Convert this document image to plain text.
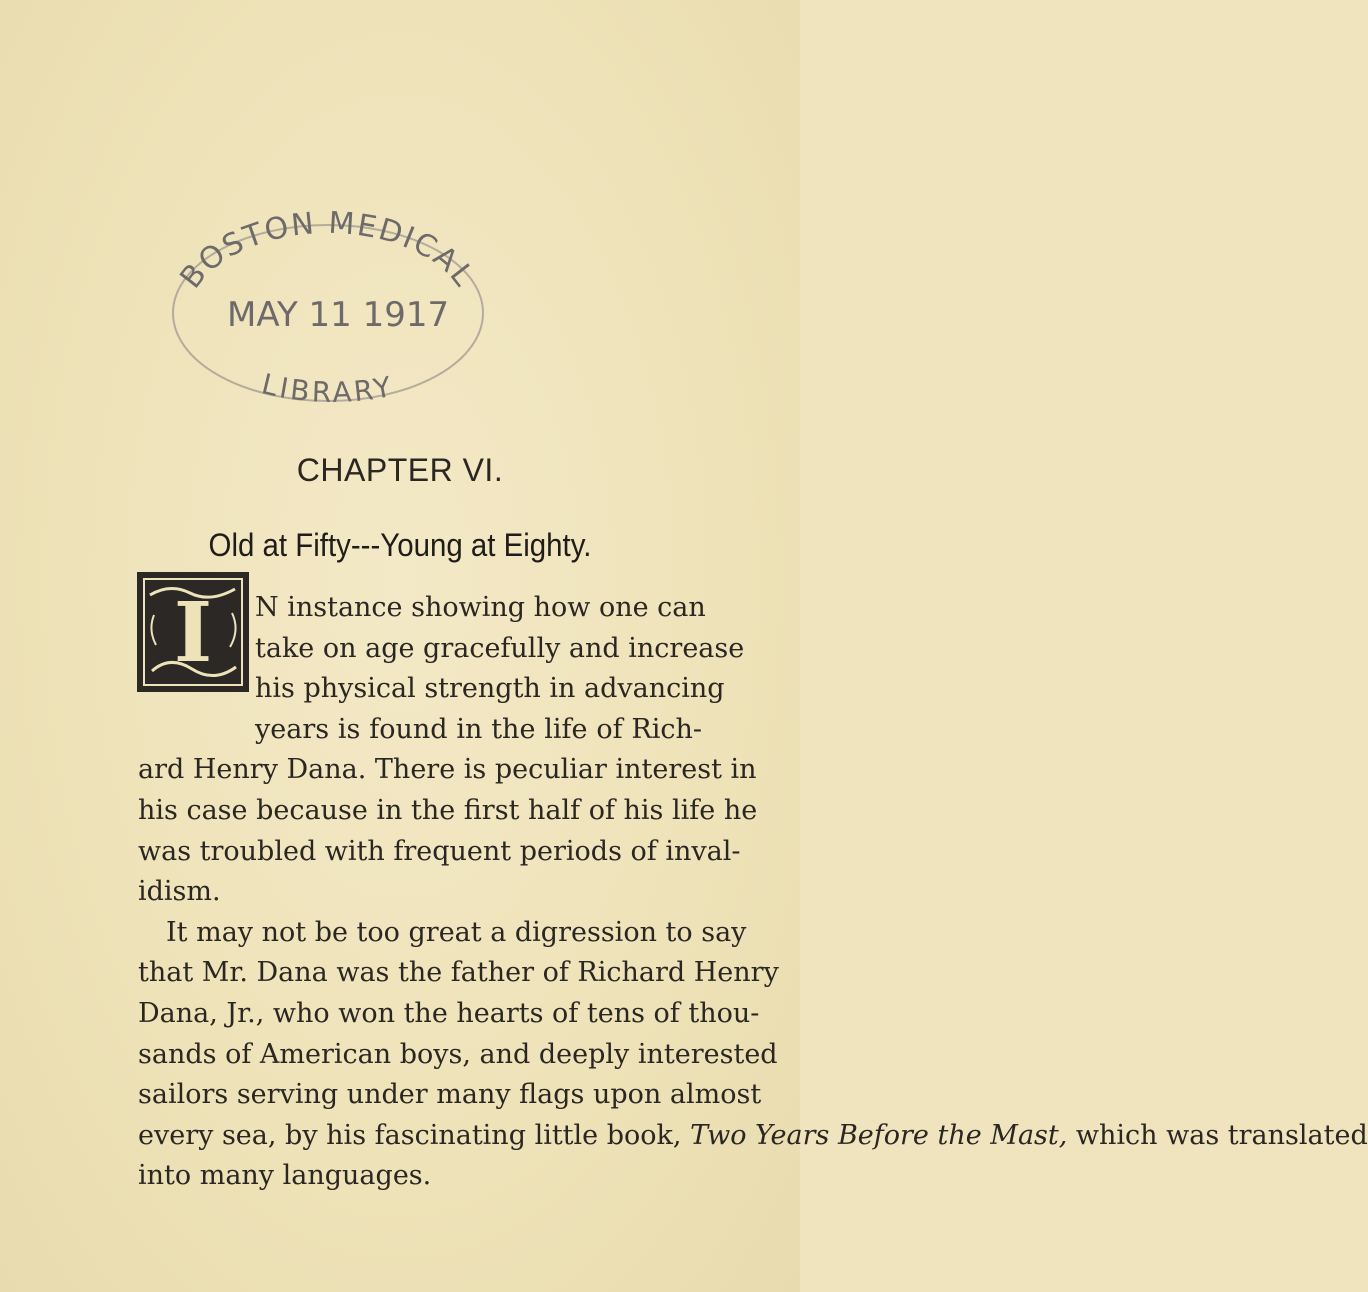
BOSTON MEDICAL
MAY 11 1917
LIBRARY
CHAPTER VI.
Old at Fifty---Young at Eighty.
I	N instance showing how one can
take on age gracefully and increase
his physical strength in advancing
years is found in the life of Rich-
ard Henry Dana. There is peculiar interest in
his case because in the first half of his life he
was troubled with frequent periods of inval-
idism.
It may not be too great a digression to say
that Mr. Dana was the father of Richard Henry
Dana, Jr., who won the hearts of tens of thou-
sands of American boys, and deeply interested
sailors serving under many flags upon almost
every sea, by his fascinating little book, Two Years Before the Mast, which was translated
into many languages.
